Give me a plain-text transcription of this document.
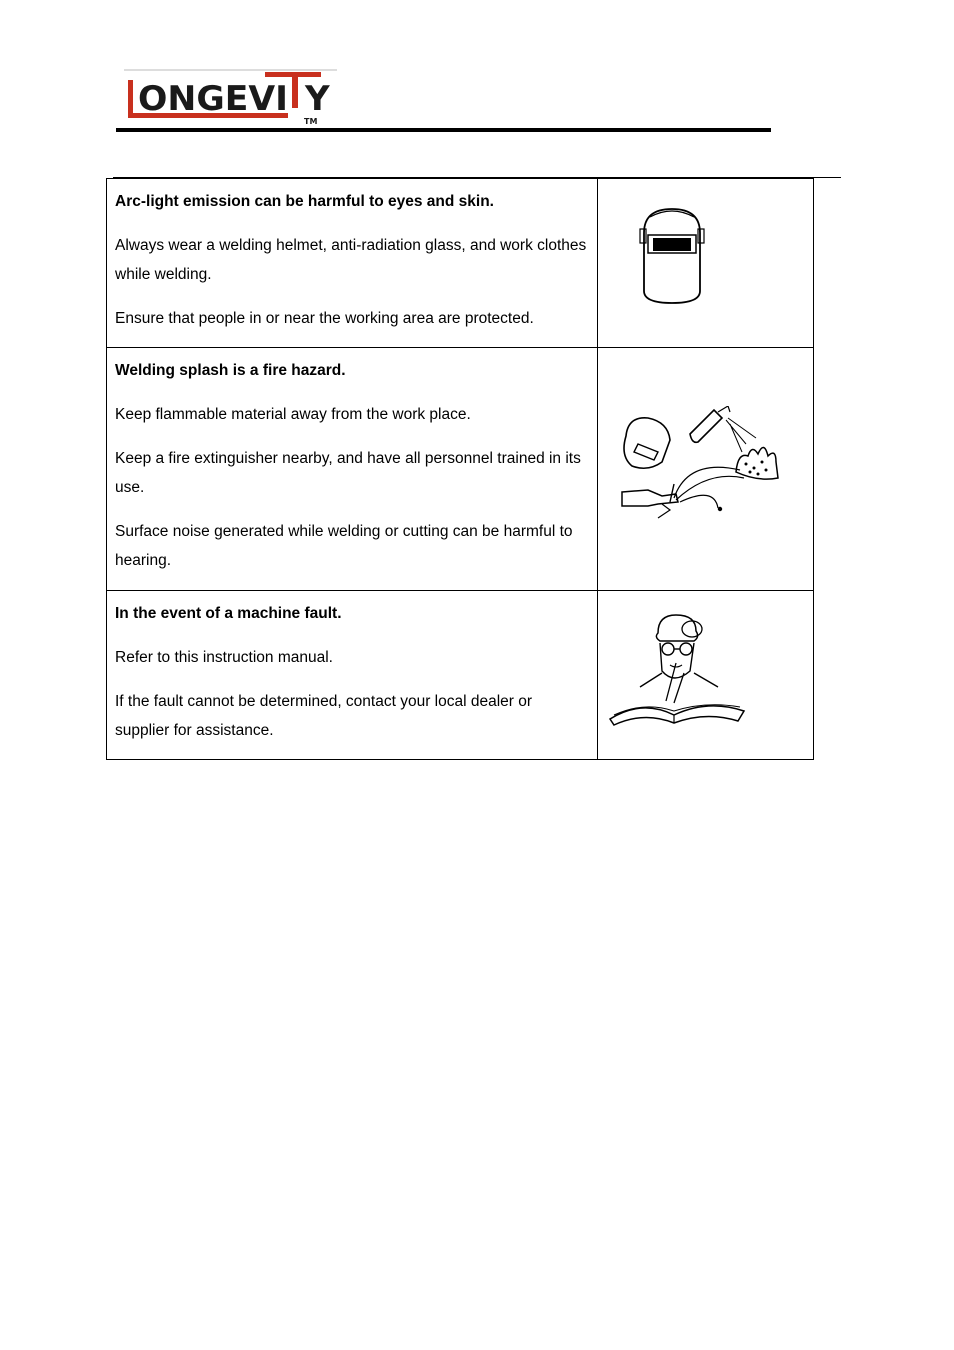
ONGEVI Y
TM

Arc-light emission can be harmful to eyes and skin.

Always wear a welding helmet, anti-radiation glass, and work clothes while welding.

Ensure that people in or near the working area are protected.

Welding splash is a fire hazard.

Keep flammable material away from the work place.

Keep a fire extinguisher nearby, and have all personnel trained in its use.

Surface noise generated while welding or cutting can be harmful to hearing.

In the event of a machine fault.

Refer to this instruction manual.

If the fault cannot be determined, contact your local dealer or supplier for assistance.
